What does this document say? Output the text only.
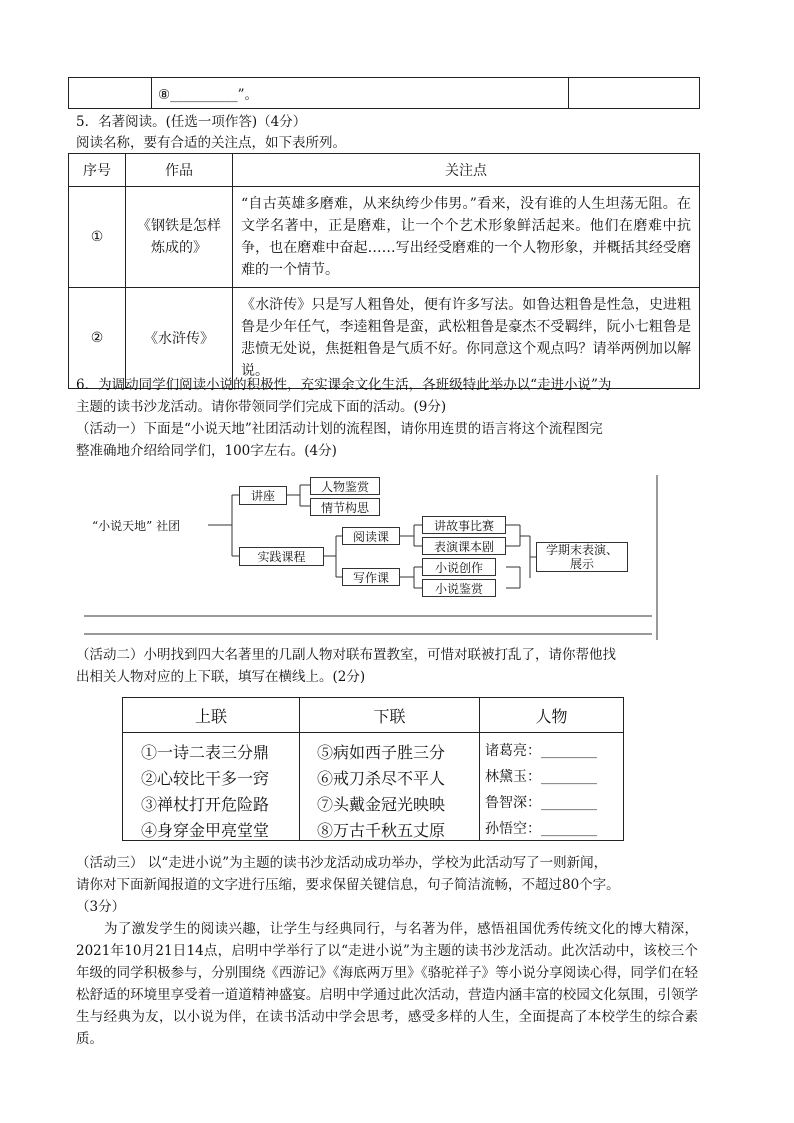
	⑧__________”。	
5．名著阅读。(任选一项作答)（4分）
阅读名称，要有合适的关注点，如下表所列。
序号	作品	关注点
①	《钢铁是怎样炼成的》	“自古英雄多磨难，从来纨绔少伟男。”看来，没有谁的人生坦荡无阻。在文学名著中，正是磨难，让一个个艺术形象鲜活起来。他们在磨难中抗争，也在磨难中奋起……写出经受磨难的一个人物形象，并概括其经受磨难的一个情节。
②	《水浒传》	《水浒传》只是写人粗鲁处，便有许多写法。如鲁达粗鲁是性急，史进粗鲁是少年任气，李逵粗鲁是蛮，武松粗鲁是豪杰不受羁绊，阮小七粗鲁是悲愤无处说，焦挺粗鲁是气质不好。你同意这个观点吗？请举两例加以解说。
6．为调动同学们阅读小说的积极性，充实课余文化生活，各班级特此举办以“走进小说”为
主题的读书沙龙活动。请你带领同学们完成下面的活动。(9分)
（活动一）下面是“小说天地”社团活动计划的流程图，请你用连贯的语言将这个流程图完
整准确地介绍给同学们，100字左右。(4分)
“小说天地” 社团
讲座
人物鉴赏
情节构思
实践课程
阅读课
写作课
讲故事比赛
表演课本剧
小说创作
小说鉴赏
学期末表演、展示
（活动二）小明找到四大名著里的几副人物对联布置教室，可惜对联被打乱了，请你帮他找
出相关人物对应的上下联，填写在横线上。(2分)
上联	下联	人物
①一诗二表三分鼎
②心较比干多一窍
③禅杖打开危险路
④身穿金甲亮堂堂
⑤病如西子胜三分
⑥戒刀杀尽不平人
⑦头戴金冠光映映
⑧万古千秋五丈原
诸葛亮：________
林黛玉：________
鲁智深：________
孙悟空：________
（活动三） 以“走进小说”为主题的读书沙龙活动成功举办，学校为此活动写了一则新闻，
请你对下面新闻报道的文字进行压缩，要求保留关键信息，句子简洁流畅，不超过80个字。
（3分）
为了激发学生的阅读兴趣，让学生与经典同行，与名著为伴，感悟祖国优秀传统文化的博大精深，2021年10月21日14点，启明中学举行了以“走进小说”为主题的读书沙龙活动。此次活动中，该校三个年级的同学积极参与，分别围绕《西游记》《海底两万里》《骆驼祥子》等小说分享阅读心得，同学们在轻松舒适的环境里享受着一道道精神盛宴。启明中学通过此次活动，营造内涵丰富的校园文化氛围，引领学生与经典为友，以小说为伴，在读书活动中学会思考，感受多样的人生，全面提高了本校学生的综合素质。
